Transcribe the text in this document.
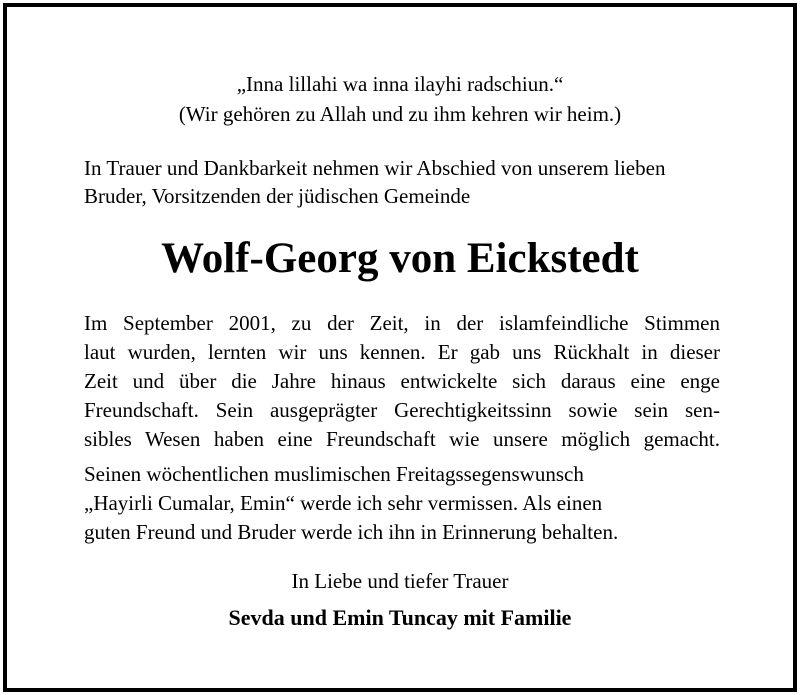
„Inna lillahi wa inna ilayhi radschiun.“
(Wir gehören zu Allah und zu ihm kehren wir heim.)
In Trauer und Dankbarkeit nehmen wir Abschied von unserem lieben
Bruder, Vorsitzenden der jüdischen Gemeinde
Wolf-Georg von Eickstedt
Im September 2001, zu der Zeit, in der islamfeindliche Stimmen
laut wurden, lernten wir uns kennen. Er gab uns Rückhalt in dieser
Zeit und über die Jahre hinaus entwickelte sich daraus eine enge
Freundschaft. Sein ausgeprägter Gerechtigkeitssinn sowie sein sen-
sibles Wesen haben eine Freundschaft wie unsere möglich gemacht.
Seinen wöchentlichen muslimischen Freitagssegenswunsch
„Hayirli Cumalar, Emin“ werde ich sehr vermissen. Als einen
guten Freund und Bruder werde ich ihn in Erinnerung behalten.
In Liebe und tiefer Trauer
Sevda und Emin Tuncay mit Familie
